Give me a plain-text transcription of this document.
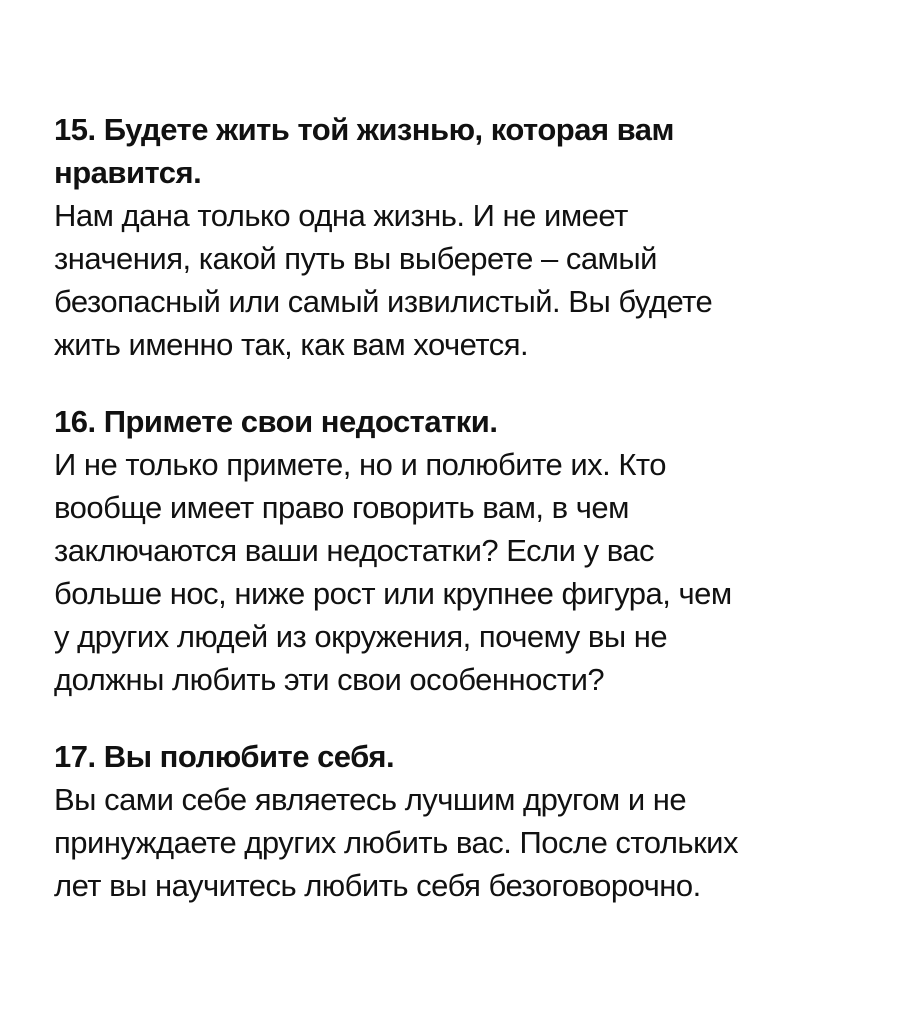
15. Будете жить той жизнью, которая вам
нравится.
Нам дана только одна жизнь. И не имеет
значения, какой путь вы выберете – самый
безопасный или самый извилистый. Вы будете
жить именно так, как вам хочется.
16. Примете свои недостатки.
И не только примете, но и полюбите их. Кто
вообще имеет право говорить вам, в чем
заключаются ваши недостатки? Если у вас
больше нос, ниже рост или крупнее фигура, чем
у других людей из окружения, почему вы не
должны любить эти свои особенности?
17. Вы полюбите себя.
Вы сами себе являетесь лучшим другом и не
принуждаете других любить вас. После стольких
лет вы научитесь любить себя безоговорочно.
